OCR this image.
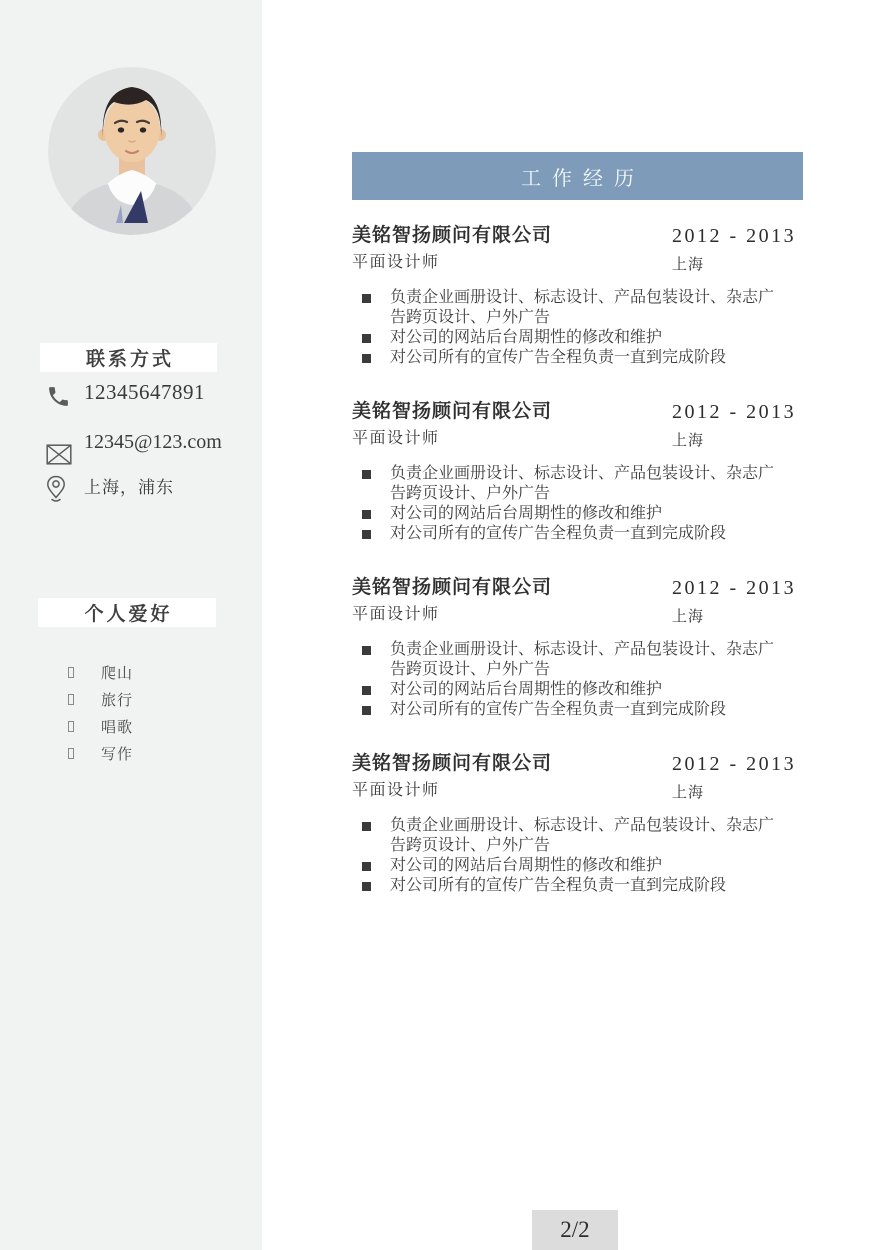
联系方式
12345647891
12345@123.com
上海，浦东
个人爱好
爬山
旅行
唱歌
写作
工作经历
美铭智扬顾问有限公司
平面设计师
2012 - 2013
上海
负责企业画册设计、标志设计、产品包装设计、杂志广告跨页设计、户外广告
对公司的网站后台周期性的修改和维护
对公司所有的宣传广告全程负责一直到完成阶段
美铭智扬顾问有限公司
平面设计师
2012 - 2013
上海
负责企业画册设计、标志设计、产品包装设计、杂志广告跨页设计、户外广告
对公司的网站后台周期性的修改和维护
对公司所有的宣传广告全程负责一直到完成阶段
美铭智扬顾问有限公司
平面设计师
2012 - 2013
上海
负责企业画册设计、标志设计、产品包装设计、杂志广告跨页设计、户外广告
对公司的网站后台周期性的修改和维护
对公司所有的宣传广告全程负责一直到完成阶段
美铭智扬顾问有限公司
平面设计师
2012 - 2013
上海
负责企业画册设计、标志设计、产品包装设计、杂志广告跨页设计、户外广告
对公司的网站后台周期性的修改和维护
对公司所有的宣传广告全程负责一直到完成阶段
2/2
